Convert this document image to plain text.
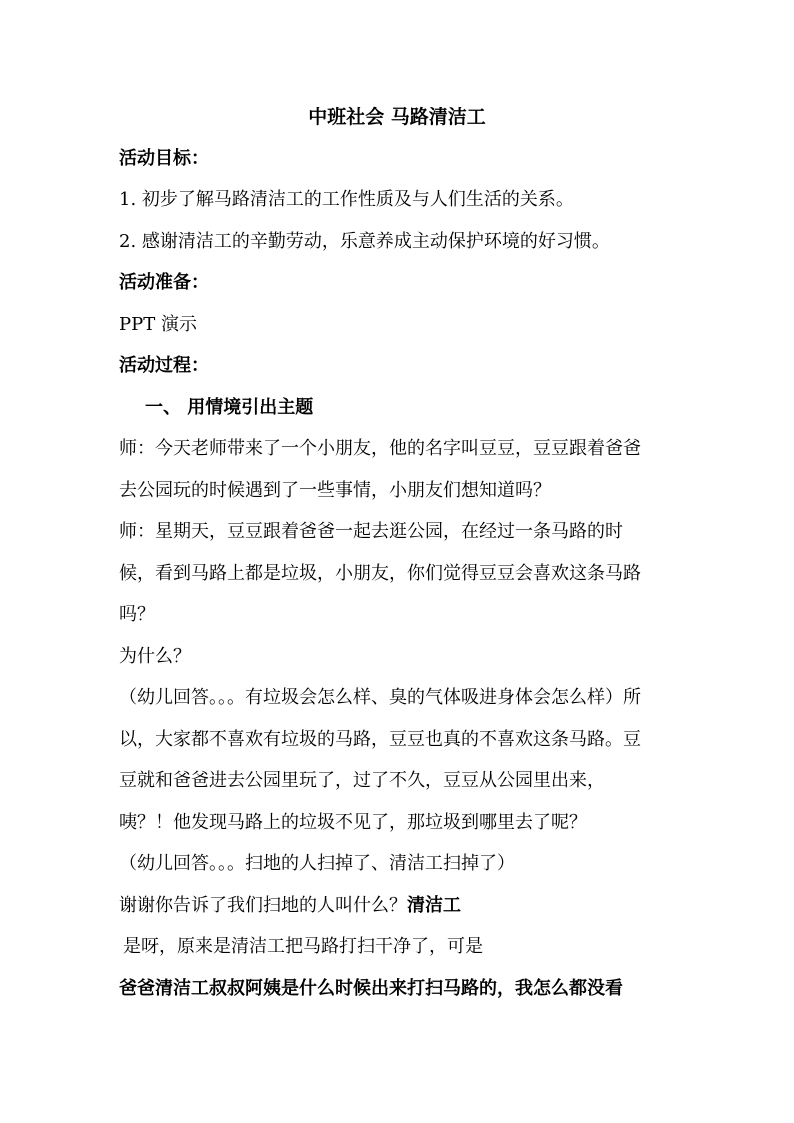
中班社会 马路清洁工
活动目标：
1. 初步了解马路清洁工的工作性质及与人们生活的关系。
2. 感谢清洁工的辛勤劳动，乐意养成主动保护环境的好习惯。
活动准备：
PPT 演示
活动过程：
一、 用情境引出主题
师：今天老师带来了一个小朋友，他的名字叫豆豆，豆豆跟着爸爸
去公园玩的时候遇到了一些事情，小朋友们想知道吗？
师：星期天，豆豆跟着爸爸一起去逛公园，在经过一条马路的时
候，看到马路上都是垃圾，小朋友，你们觉得豆豆会喜欢这条马路
吗？
为什么？
（幼儿回答。。。有垃圾会怎么样、臭的气体吸进身体会怎么样）所
以，大家都不喜欢有垃圾的马路，豆豆也真的不喜欢这条马路。豆
豆就和爸爸进去公园里玩了，过了不久，豆豆从公园里出来，
咦？！他发现马路上的垃圾不见了，那垃圾到哪里去了呢？
（幼儿回答。。。扫地的人扫掉了、清洁工扫掉了）
谢谢你告诉了我们扫地的人叫什么？清洁工
是呀，原来是清洁工把马路打扫干净了，可是
爸爸清洁工叔叔阿姨是什么时候出来打扫马路的，我怎么都没看
